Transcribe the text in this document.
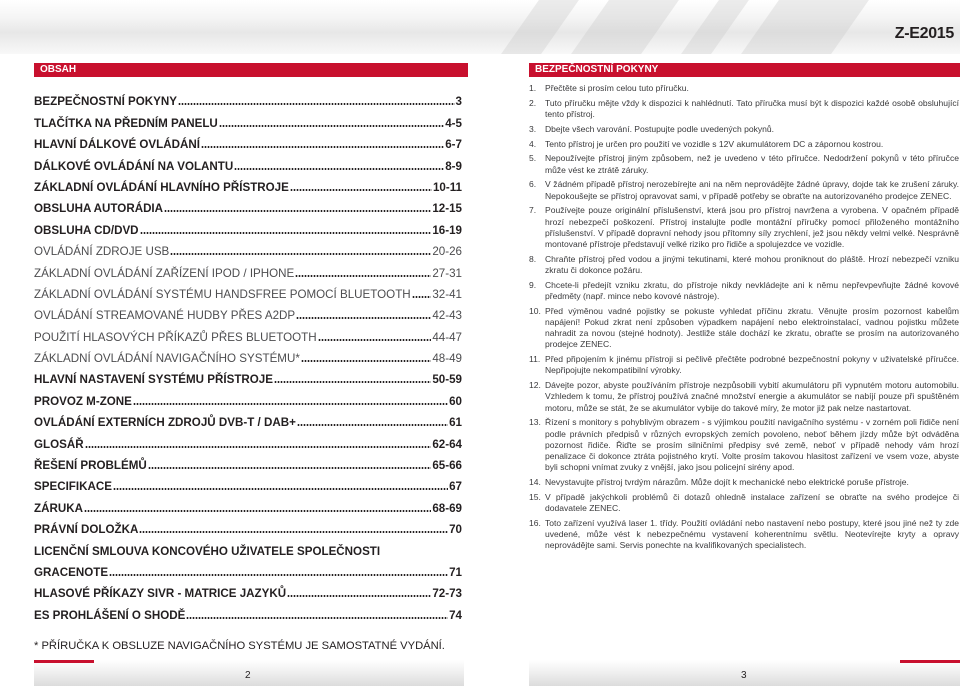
Z-E2015
OBSAH
BEZPEČNOSTNÍ POKYNY	3
TLAČÍTKA NA PŘEDNÍM PANELU	4-5
HLAVNÍ DÁLKOVÉ OVLÁDÁNÍ	6-7
DÁLKOVÉ OVLÁDÁNÍ NA VOLANTU	8-9
ZÁKLADNÍ OVLÁDÁNÍ HLAVNÍHO PŘÍSTROJE	10-11
OBSLUHA AUTORÁDIA	12-15
OBSLUHA CD/DVD	16-19
OVLÁDÁNÍ ZDROJE USB	20-26
ZÁKLADNÍ OVLÁDÁNÍ ZAŘÍZENÍ IPOD / IPHONE	27-31
ZÁKLADNÍ OVLÁDÁNÍ SYSTÉMU HANDSFREE POMOCÍ BLUETOOTH 32-41
OVLÁDÁNÍ STREAMOVANÉ HUDBY PŘES A2DP	42-43
POUŽITÍ HLASOVÝCH PŘÍKAZŮ PŘES BLUETOOTH	44-47
ZÁKLADNÍ OVLÁDÁNÍ NAVIGAČNÍHO SYSTÉMU*	48-49
HLAVNÍ NASTAVENÍ SYSTÉMU PŘÍSTROJE	50-59
PROVOZ M-ZONE	60
OVLÁDÁNÍ EXTERNÍCH ZDROJŮ DVB-T / DAB+	61
GLOSÁŘ	62-64
ŘEŠENÍ PROBLÉMŮ	65-66
SPECIFIKACE	67
ZÁRUKA	68-69
PRÁVNÍ DOLOŽKA	70
LICENČNÍ SMLOUVA KONCOVÉHO UŽIVATELE SPOLEČNOSTI
GRACENOTE	71
HLASOVÉ PŘÍKAZY SIVR - MATRICE JAZYKŮ	72-73
ES PROHLÁŠENÍ O SHODĚ	74
* PŘÍRUČKA K OBSLUZE NAVIGAČNÍHO SYSTÉMU JE SAMOSTATNÉ VYDÁNÍ.
BEZPEČNOSTNÍ POKYNY
1.	Přečtěte si prosím celou tuto příručku.
2.	Tuto příručku mějte vždy k dispozici k nahlédnutí. Tato příručka musí být k dispozici každé osobě obsluhující tento přístroj.
3.	Dbejte všech varování. Postupujte podle uvedených pokynů.
4.	Tento přístroj je určen pro použití ve vozidle s 12V akumulátorem DC a zápornou kostrou.
5.	Nepoužívejte přístroj jiným způsobem, než je uvedeno v této příručce. Nedodržení pokynů v této příručce může vést ke ztrátě záruky.
6.	V žádném případě přístroj nerozebírejte ani na něm neprovádějte žádné úpravy, dojde tak ke zrušení záruky. Nepokoušejte se přístroj opravovat sami, v případě potřeby se obraťte na autorizovaného prodejce ZENEC.
7.	Používejte pouze originální příslušenství, která jsou pro přístroj navržena a vyrobena. V opačném případě hrozí nebezpečí poškození. Přístroj instalujte podle montážní příručky pomocí přiloženého montážního příslušenství. V případě dopravní nehody jsou přítomny síly zrychlení, jež jsou někdy velmi velké. Nesprávně montované přístroje představují velké riziko pro řidiče a spolujezdce ve vozidle.
8.	Chraňte přístroj před vodou a jinými tekutinami, které mohou proniknout do pláště. Hrozí nebezpečí vzniku zkratu či dokonce požáru.
9.	Chcete-li předejít vzniku zkratu, do přístroje nikdy nevkládejte ani k němu nepřevpevňujte žádné kovové předměty (např. mince nebo kovové nástroje).
10. Před výměnou vadné pojistky se pokuste vyhledat příčinu zkratu. Věnujte prosím pozornost kabelům napájení! Pokud zkrat není způsoben výpadkem napájení nebo elektroinstalací, vadnou pojistku můžete nahradit za novou (stejné hodnoty). Jestliže stále dochází ke zkratu, obraťte se prosím na autorizovaného prodejce ZENEC.
11. Před připojením k jinému přístroji si pečlivě přečtěte podrobné bezpečnostní pokyny v uživatelské příručce. Nepřipojujte nekompatibilní výrobky.
12. Dávejte pozor, abyste používáním přístroje nezpůsobili vybití akumulátoru při vypnutém motoru automobilu. Vzhledem k tomu, že přístroj používá značné množství energie a akumulátor se nabíjí pouze při spuštěném motoru, může se stát, že se akumulátor vybije do takové míry, že motor již pak nelze nastartovat.
13. Řízení s monitory s pohyblivým obrazem - s výjimkou použití navigačního systému - v zorném poli řidiče není podle právních předpisů v různých evropských zemích povoleno, neboť během jízdy může být odváděna pozornost řidiče. Řiďte se prosím silničními předpisy své země, neboť v případě nehody vám hrozí penalizace či dokonce ztráta pojistného krytí. Volte prosím takovou hlasitost zařízení ve vsem voze, abyste byli schopni vnímat zvuky z vnější, jako jsou policejní sirény apod.
14. Nevystavujte přístroj tvrdým nárazům. Může dojít k mechanické nebo elektrické poruše přístroje.
15. V případě jakýchkoli problémů či dotazů ohledně instalace zařízení se obraťte na svého prodejce či dodavatele ZENEC.
16. Toto zařízení využívá laser 1. třídy. Použití ovládání nebo nastavení nebo postupy, které jsou jiné než ty zde uvedené, může vést k nebezpečnému vystavení koherentnímu světlu. Neotevírejte kryty a opravy neprovádějte sami. Servis ponechte na kvalifikovaných specialistech.
2	3
